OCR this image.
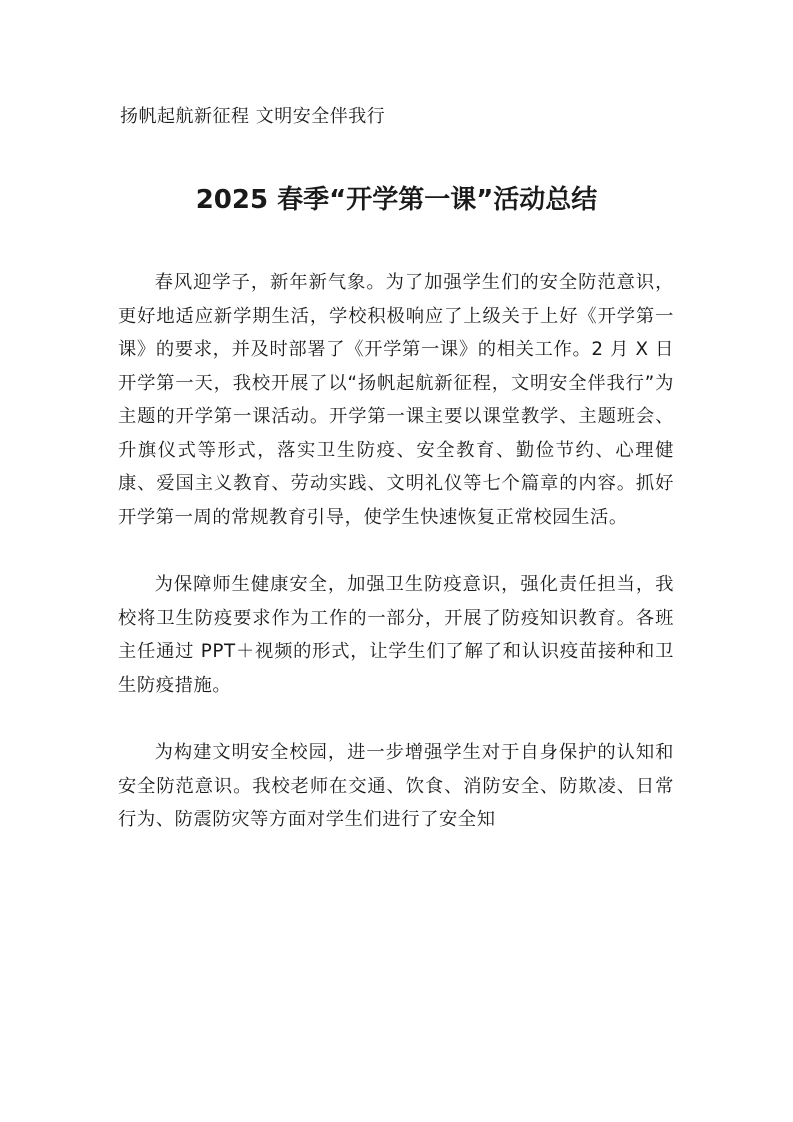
扬帆起航新征程 文明安全伴我行
2025 春季“开学第一课”活动总结

春风迎学子，新年新气象。为了加强学生们的安全防范意识，更好地适应新学期生活，学校积极响应了上级关于上好《开学第一课》的要求，并及时部署了《开学第一课》的相关工作。2 月 X 日开学第一天，我校开展了以“扬帆起航新征程，文明安全伴我行”为主题的开学第一课活动。开学第一课主要以课堂教学、主题班会、升旗仪式等形式，落实卫生防疫、安全教育、勤俭节约、心理健康、爱国主义教育、劳动实践、文明礼仪等七个篇章的内容。抓好开学第一周的常规教育引导，使学生快速恢复正常校园生活。

为保障师生健康安全，加强卫生防疫意识，强化责任担当，我校将卫生防疫要求作为工作的一部分，开展了防疫知识教育。各班主任通过 PPT＋视频的形式，让学生们了解了和认识疫苗接种和卫生防疫措施。

为构建文明安全校园，进一步增强学生对于自身保护的认知和安全防范意识。我校老师在交通、饮食、消防安全、防欺凌、日常行为、防震防灾等方面对学生们进行了安全知
